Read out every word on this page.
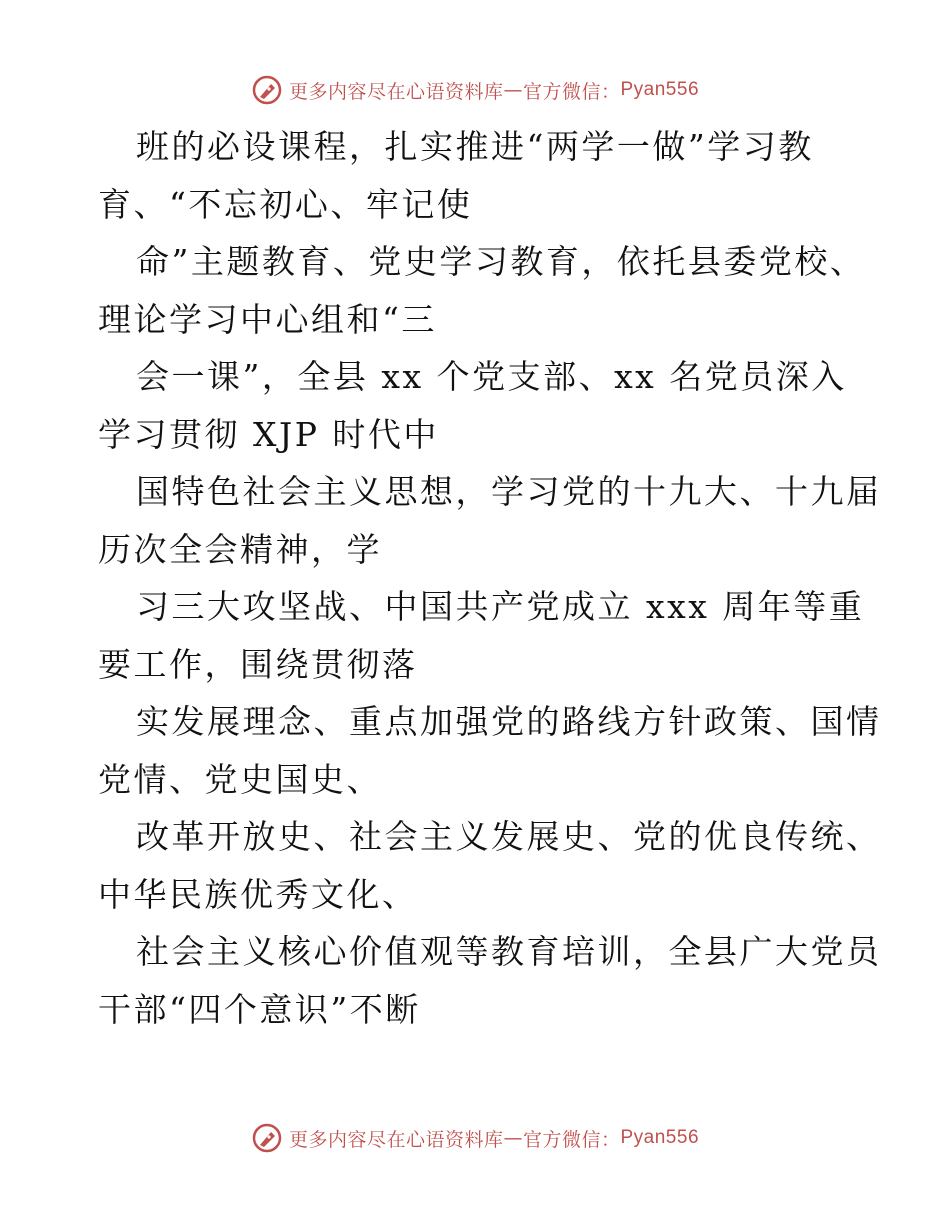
更多内容尽在心语资料库 — 官方微信： Pyan556
班的必设课程，扎实推进“两学一做”学习教
育、“不忘初心、牢记使
命”主题教育、党史学习教育，依托县委党校、
理论学习中心组和“三
会一课”，全县 xx 个党支部、xx 名党员深入
学习贯彻 XJP 时代中
国特色社会主义思想，学习党的十九大、十九届
历次全会精神，学
习三大攻坚战、中国共产党成立 xxx 周年等重
要工作，围绕贯彻落
实发展理念、重点加强党的路线方针政策、国情
党情、党史国史、
改革开放史、社会主义发展史、党的优良传统、
中华民族优秀文化、
社会主义核心价值观等教育培训，全县广大党员
干部“四个意识”不断
更多内容尽在心语资料库 — 官方微信： Pyan556
